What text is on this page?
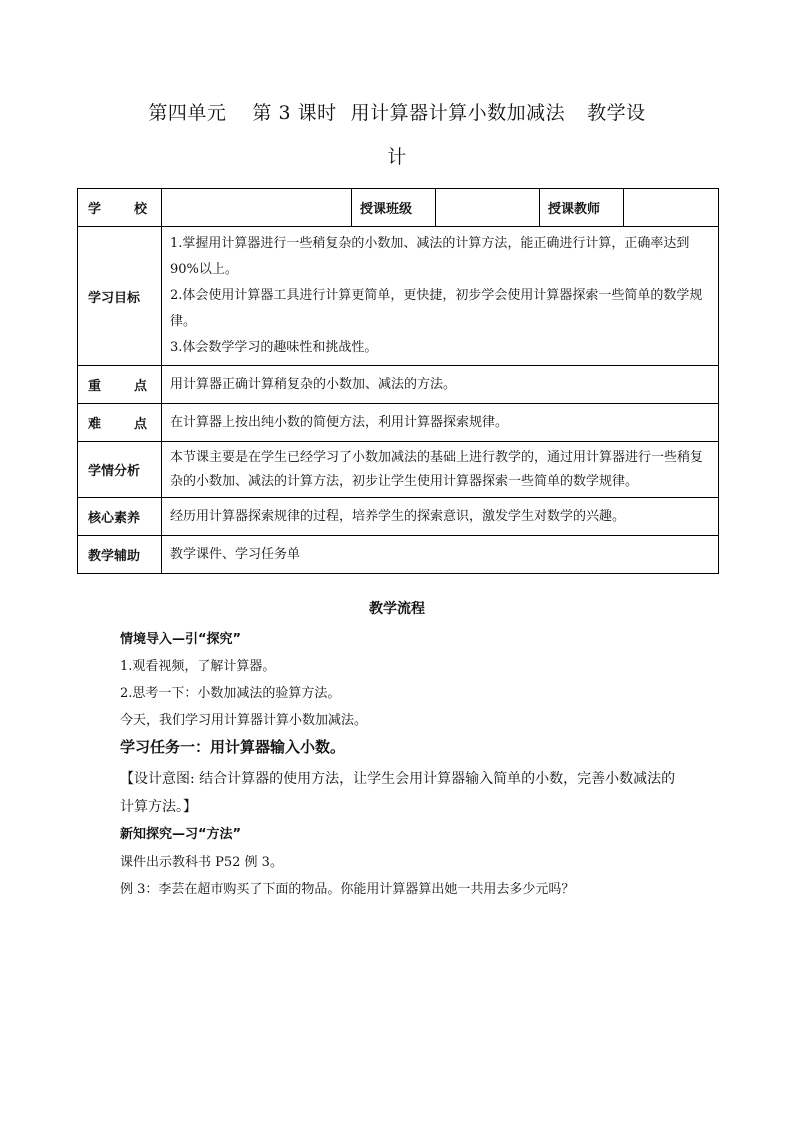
第四单元 第 3 课时 用计算器计算小数加减法 教学设
计
学 校		授课班级		授课教师	
学习目标	1.掌握用计算器进行一些稍复杂的小数加、减法的计算方法，能正确进行计算，正确率达到 90%以上。
2.体会使用计算器工具进行计算更简单，更快捷，初步学会使用计算器探索一些简单的数学规律。
3.体会数学学习的趣味性和挑战性。				

重 点	用计算器正确计算稍复杂的小数加、减法的方法。				

难 点	在计算器上按出纯小数的简便方法，利用计算器探索规律。				
学情分析	本节课主要是在学生已经学习了小数加减法的基础上进行教学的，通过用计算器进行一些稍复杂的小数加、减法的计算方法，初步让学生使用计算器探索一些简单的数学规律。				
核心素养	经历用计算器探索规律的过程，培养学生的探索意识，激发学生对数学的兴趣。				
教学辅助	教学课件、学习任务单				
教学流程
情境导入—引“探究”
1.观看视频，了解计算器。
2.思考一下：小数加减法的验算方法。
今天，我们学习用计算器计算小数加减法。
学习任务一：用计算器输入小数。
【设计意图: 结合计算器的使用方法，让学生会用计算器输入简单的小数，完善小数减法的
计算方法。】
新知探究—习“方法”
课件出示教科书 P52 例 3。
例 3：李芸在超市购买了下面的物品。你能用计算器算出她一共用去多少元吗？
